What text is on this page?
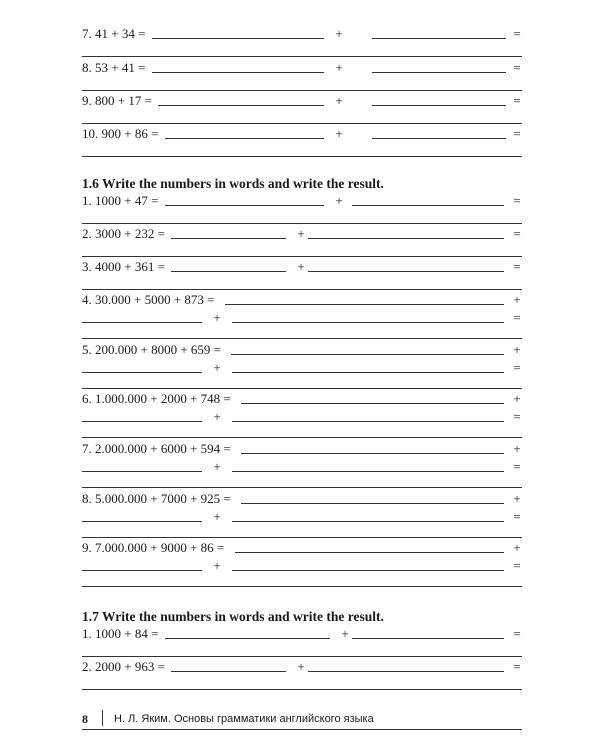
7. 41 + 34 =	+	=
8. 53 + 41 =	+	=
9. 800 + 17 =	+	=
10. 900 + 86 =	+	=
1.6 Write the numbers in words and write the result.
1. 1000 + 47 =	+	=
2. 3000 + 232 =	+	=
3. 4000 + 361 =	+	=
4. 30.000 + 5000 + 873 =	+
+	=
5. 200.000 + 8000 + 659 =	+
+	=
6. 1.000.000 + 2000 + 748 =	+
+	=
7. 2.000.000 + 6000 + 594 =	+
+	=
8. 5.000.000 + 7000 + 925 =	+
+	=
9. 7.000.000 + 9000 + 86 =	+
+	=
1.7 Write the numbers in words and write the result.
1. 1000 + 84 =	+	=
2. 2000 + 963 =	+	=
8 Н. Л. Яким. Основы грамматики английского языка
